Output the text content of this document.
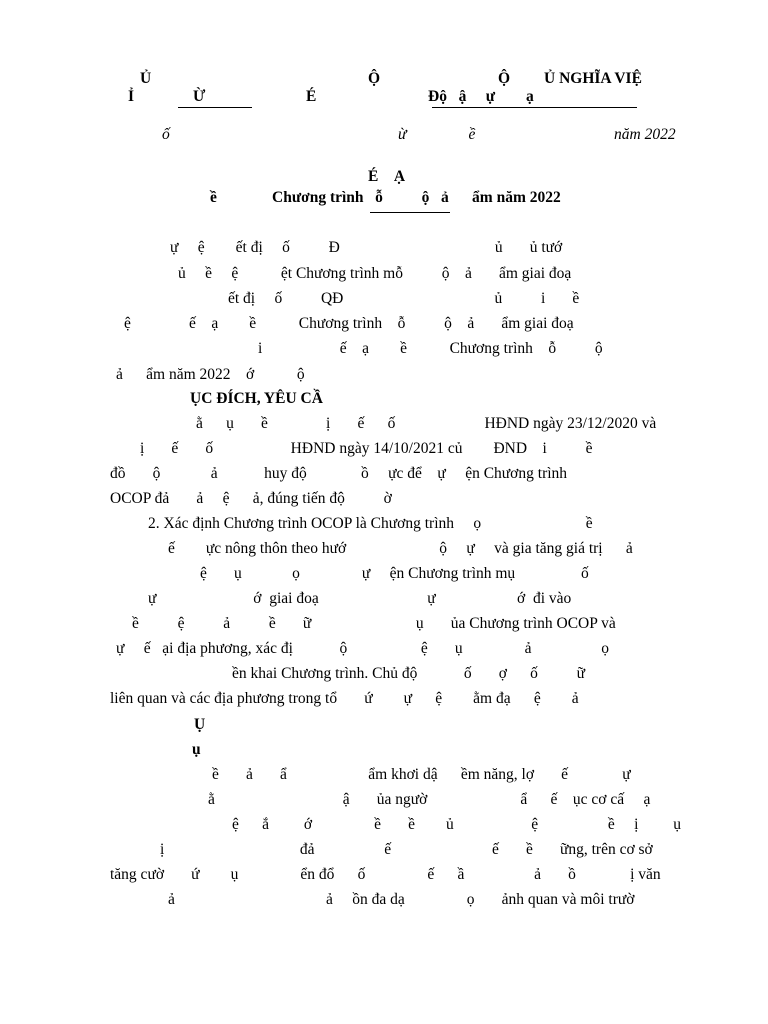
Ủ
Ỉ	Ừ	É
Ộ	Ộ Ủ NGHĨA VIỆ
Độ   ậ     ự        ạ
ố	ừ                ề	năm 2022
É    Ạ
ề	Chương trình   ỗ          ộ   ả      ẩm năm 2022
ự     ệ        ết đị     ố          Đ                                        ủ       ủ tướ
ủ     ề     ệ           ệt Chương trình mỗ          ộ    ả       ẩm giai đoạ
ết đị     ố          QĐ                                       ủ          i       ề
ệ               ế    ạ        ề           Chương trình    ỗ          ộ    ả       ẩm giai đoạ
i                    ế    ạ        ề           Chương trình    ỗ          ộ
ả      ẩm năm 2022    ớ           ộ
ỤC ĐÍCH, YÊU CẦ
ằ      ụ       ề               ị       ế      ố                       HĐND ngày 23/12/2020 và
ị       ế       ố                    HĐND ngày 14/10/2021 củ        ĐND    i          ề
đồ       ộ             ả            huy độ              ồ     ực để    ự     ện Chương trình
OCOP đả       ả     ệ      ả, đúng tiến độ          ờ
2. Xác định Chương trình OCOP là Chương trình     ọ                           ề
ế        ực nông thôn theo hướ                        ộ     ự     và gia tăng giá trị      ả
ệ       ụ             ọ                ự     ện Chương trình mụ                 ố
ự                         ớ  giai đoạ                            ự                     ớ  đi vào
ề          ệ          ả          ề       ữ                           ụ       ủa Chương trình OCOP và
ự     ế   ại địa phương, xác đị            ộ                   ệ       ụ                ả                  ọ
ền khai Chương trình. Chủ độ            ố       ợ      ố          ữ
liên quan và các địa phương trong tổ       ứ        ự      ệ        ằm đạ      ệ        ả
Ụ
ụ
ề       ả       ẩ                     ẩm khơi dậ      ềm năng, lợ       ế              ự
ằ                                 ậ       ủa ngườ                        ẩ      ế    ục cơ cấ     ạ
ệ      ắ         ớ                ề       ề        ủ                    ệ                  ề     ị         ụ
ị                                   đả                  ế                          ế       ề       ững, trên cơ sở
tăng cườ       ứ        ụ                ển đổ      ố                ế      ầ                  ả       ồ              ị văn
ả                                       ả     ồn đa dạ                ọ       ảnh quan và môi trườ
